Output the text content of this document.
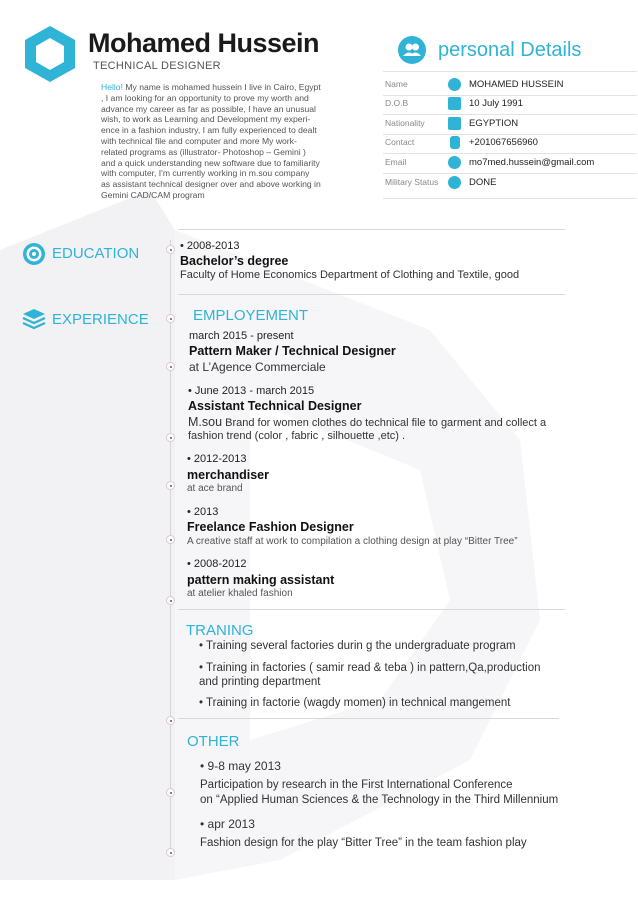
Mohamed Hussein
TECHNICAL DESIGNER
Hello! My name is mohamed hussein I live in Cairo, Egypt
, I am looking for an opportunity to prove my worth and
advance my career as far as possible, I have an unusual
wish, to work as Learning and Development my experi-
ence in a fashion industry, I am fully experienced to dealt
with technical file and computer and more My work-
related programs as (illustrator- Photoshop – Gemini )
and a quick understanding new software due to familiarity
with computer, I'm currently working in m.sou company
as assistant technical designer over and above working in
Gemini CAD/CAM program
personal Details
Name	MOHAMED HUSSEIN
D.O.B	10 July 1991
Nationality	EGYPTION
Contact	+201067656960
Email	mo7med.hussein@gmail.com
Military Status	DONE
EDUCATION	• 2008-2013
Bachelor’s degree
Faculty of Home Economics Department of Clothing and Textile, good
EXPERIENCE	EMPLOYEMENT
march 2015 - present
Pattern Maker / Technical Designer
at L’Agence Commerciale
• June 2013 - march 2015
Assistant Technical Designer
M.sou Brand for women clothes do technical file to garment and collect a
fashion trend (color , fabric , silhouette ,etc) .
• 2012-2013
merchandiser
at ace brand
• 2013
Freelance Fashion Designer
A creative staff at work to compilation a clothing design at play “Bitter Tree”
• 2008-2012
pattern making assistant
at atelier khaled fashion
TRANING
• Training several factories durin g the undergraduate program
• Training in factories ( samir read & teba ) in pattern,Qa,production
and printing department
• Training in factorie (wagdy momen) in technical mangement
OTHER
• 9-8 may 2013
Participation by research in the First International Conference
on “Applied Human Sciences & the Technology in the Third Millennium
• apr 2013
Fashion design for the play “Bitter Tree” in the team fashion play
